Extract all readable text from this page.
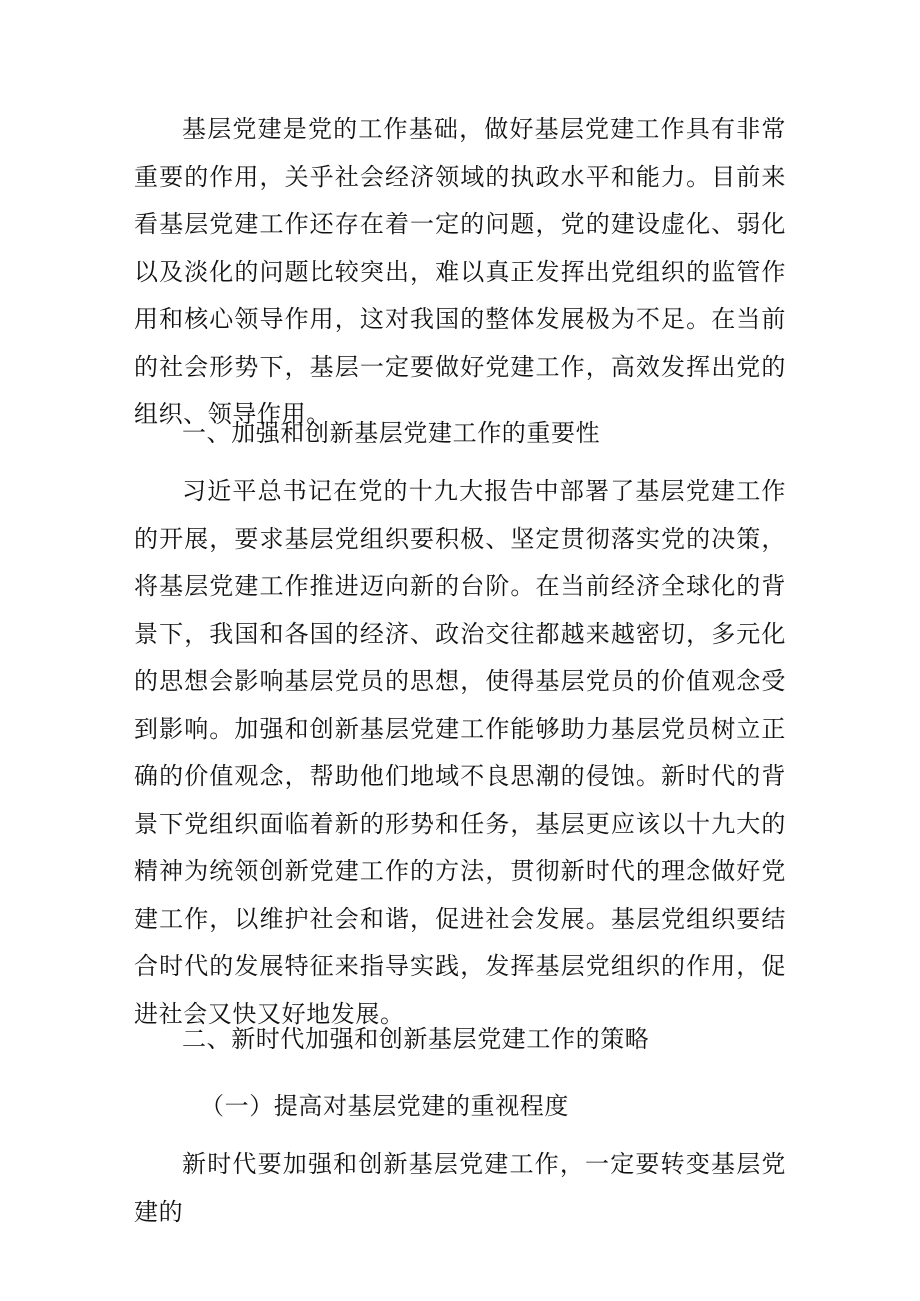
基层党建是党的工作基础，做好基层党建工作具有非常重要的作用，关乎社会经济领域的执政水平和能力。目前来看基层党建工作还存在着一定的问题，党的建设虚化、弱化以及淡化的问题比较突出，难以真正发挥出党组织的监管作用和核心领导作用，这对我国的整体发展极为不足。在当前的社会形势下，基层一定要做好党建工作，高效发挥出党的组织、领导作用。

一、加强和创新基层党建工作的重要性

习近平总书记在党的十九大报告中部署了基层党建工作的开展，要求基层党组织要积极、坚定贯彻落实党的决策，将基层党建工作推进迈向新的台阶。在当前经济全球化的背景下，我国和各国的经济、政治交往都越来越密切，多元化的思想会影响基层党员的思想，使得基层党员的价值观念受到影响。加强和创新基层党建工作能够助力基层党员树立正确的价值观念，帮助他们地域不良思潮的侵蚀。新时代的背景下党组织面临着新的形势和任务，基层更应该以十九大的精神为统领创新党建工作的方法，贯彻新时代的理念做好党建工作，以维护社会和谐，促进社会发展。基层党组织要结合时代的发展特征来指导实践，发挥基层党组织的作用，促进社会又快又好地发展。

二、新时代加强和创新基层党建工作的策略

（一）提高对基层党建的重视程度

新时代要加强和创新基层党建工作，一定要转变基层党建的
